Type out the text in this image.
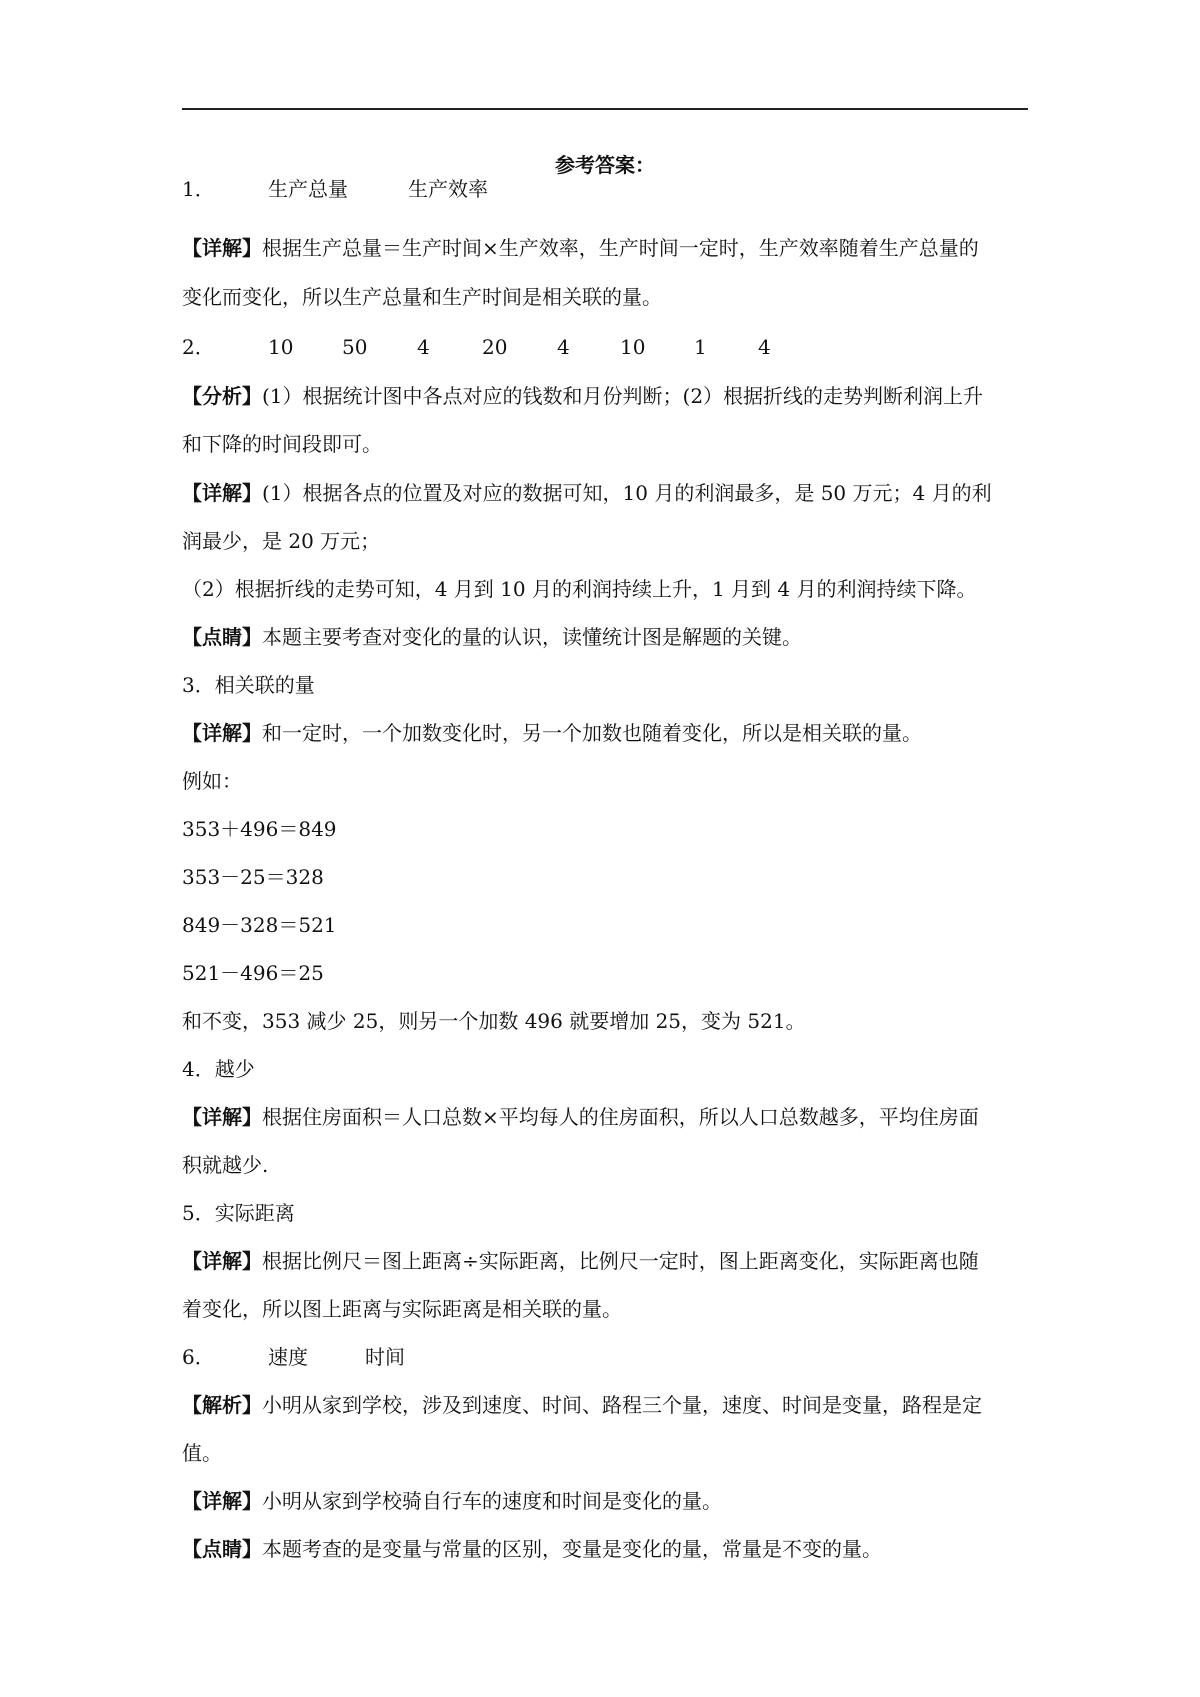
参考答案：
1．	生产总量	生产效率
【详解】根据生产总量＝生产时间×生产效率，生产时间一定时，生产效率随着生产总量的
变化而变化，所以生产总量和生产时间是相关联的量。
2．	10 50 4	20 4	10 1	4
【分析】(1）根据统计图中各点对应的钱数和月份判断；(2）根据折线的走势判断利润上升
和下降的时间段即可。
【详解】(1）根据各点的位置及对应的数据可知，10 月的利润最多，是 50 万元；4 月的利
润最少，是 20 万元；
（2）根据折线的走势可知，4 月到 10 月的利润持续上升，1 月到 4 月的利润持续下降。
【点睛】本题主要考查对变化的量的认识，读懂统计图是解题的关键。
3．相关联的量
【详解】和一定时，一个加数变化时，另一个加数也随着变化，所以是相关联的量。
例如：
353＋496＝849
353－25＝328
849－328＝521
521－496＝25
和不变，353 减少 25，则另一个加数 496 就要增加 25，变为 521。
4．越少
【详解】根据住房面积＝人口总数×平均每人的住房面积，所以人口总数越多，平均住房面
积就越少.
5．实际距离
【详解】根据比例尺＝图上距离÷实际距离，比例尺一定时，图上距离变化，实际距离也随
着变化，所以图上距离与实际距离是相关联的量。
6．	速度	时间
【解析】小明从家到学校，涉及到速度、时间、路程三个量，速度、时间是变量，路程是定
值。
【详解】小明从家到学校骑自行车的速度和时间是变化的量。
【点睛】本题考查的是变量与常量的区别，变量是变化的量，常量是不变的量。
